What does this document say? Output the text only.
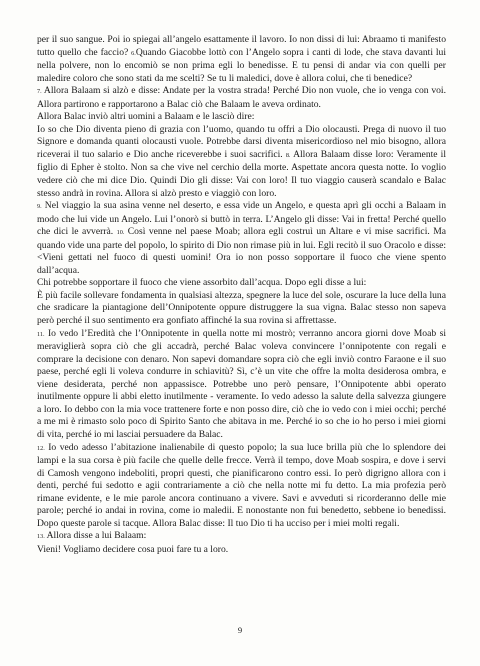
per il suo sangue. Poi io spiegai all’angelo esattamente il lavoro. Io non dissi di lui: Abraamo ti manifesto tutto quello che faccio? 6.Quando Giacobbe lottò con l’Angelo sopra i canti di lode, che stava davanti lui nella polvere, non lo encomiò se non prima egli lo benedisse. E tu pensi di andar via con quelli per maledire coloro che sono stati da me scelti? Se tu li maledici, dove è allora colui, che ti benedice?

7. Allora Balaam si alzò e disse: Andate per la vostra strada! Perché Dio non vuole, che io venga con voi. Allora partirono e rapportarono a Balac ciò che Balaam le aveva ordinato.

Allora Balac inviò altri uomini a Balaam e le lasciò dire:

Io so che Dio diventa pieno di grazia con l’uomo, quando tu offri a Dio olocausti. Prega di nuovo il tuo Signore e domanda quanti olocausti vuole. Potrebbe darsi diventa misericordioso nel mio bisogno, allora riceverai il tuo salario e Dio anche riceverebbe i suoi sacrifici. 8. Allora Balaam disse loro: Veramente il figlio di Epher è stolto. Non sa che vive nel cerchio della morte. Aspettate ancora questa notte. Io voglio vedere ciò che mi dice Dio. Quindi Dio gli disse: Vai con loro! Il tuo viaggio causerà scandalo e Balac stesso andrà in rovina. Allora si alzò presto e viaggiò con loro.

9. Nel viaggio la sua asina venne nel deserto, e essa vide un Angelo, e questa aprì gli occhi a Balaam in modo che lui vide un Angelo. Lui l’onorò si buttò in terra. L’Angelo gli disse: Vai in fretta! Perché quello che dici le avverrà. 10. Così venne nel paese Moab; allora egli costruì un Altare e vi mise sacrifici. Ma quando vide una parte del popolo, lo spirito di Dio non rimase più in lui. Egli recitò il suo Oracolo e disse: <Vieni gettati nel fuoco di questi uomini! Ora io non posso sopportare il fuoco che viene spento dall’acqua.

Chi potrebbe sopportare il fuoco che viene assorbito dall’acqua. Dopo egli disse a lui:

È più facile sollevare fondamenta in qualsiasi altezza, spegnere la luce del sole, oscurare la luce della luna che sradicare la piantagione dell’Onnipotente oppure distruggere la sua vigna. Balac stesso non sapeva però perché il suo sentimento era gonfiato affinché la sua rovina si affrettasse.

11. Io vedo l’Eredità che l’Onnipotente in quella notte mi mostrò; verranno ancora giorni dove Moab si meraviglierà sopra ciò che gli accadrà, perché Balac voleva convincere l’onnipotente con regali e comprare la decisione con denaro. Non sapevi domandare sopra ciò che egli inviò contro Faraone e il suo paese, perché egli li voleva condurre in schiavitù? Sì, c’è un vite che offre la molta desiderosa ombra, e viene desiderata, perché non appassisce. Potrebbe uno però pensare, l’Onnipotente abbi operato inutilmente oppure li abbi eletto inutilmente - veramente. Io vedo adesso la salute della salvezza giungere a loro. Io debbo con la mia voce trattenere forte e non posso dire, ciò che io vedo con i miei occhi; perché a me mi è rimasto solo poco di Spirito Santo che abitava in me. Perché io so che io ho perso i miei giorni di vita, perché io mi lasciai persuadere da Balac.

12. Io vedo adesso l’abitazione inalienabile di questo popolo; la sua luce brilla più che lo splendore dei lampi e la sua corsa è più facile che quelle delle frecce. Verrà il tempo, dove Moab sospira, e dove i servi di Camosh vengono indeboliti, propri questi, che pianificarono contro essi. Io però digrigno allora con i denti, perché fui sedotto e agii contrariamente a ciò che nella notte mi fu detto. La mia profezia però rimane evidente, e le mie parole ancora continuano a vivere. Savi e avveduti si ricorderanno delle mie parole; perché io andai in rovina, come io maledii. E nonostante non fui benedetto, sebbene io benedissi. Dopo queste parole si tacque. Allora Balac disse: Il tuo Dio ti ha ucciso per i miei molti regali.

13. Allora disse a lui Balaam:

Vieni! Vogliamo decidere cosa puoi fare tu a loro.

9
